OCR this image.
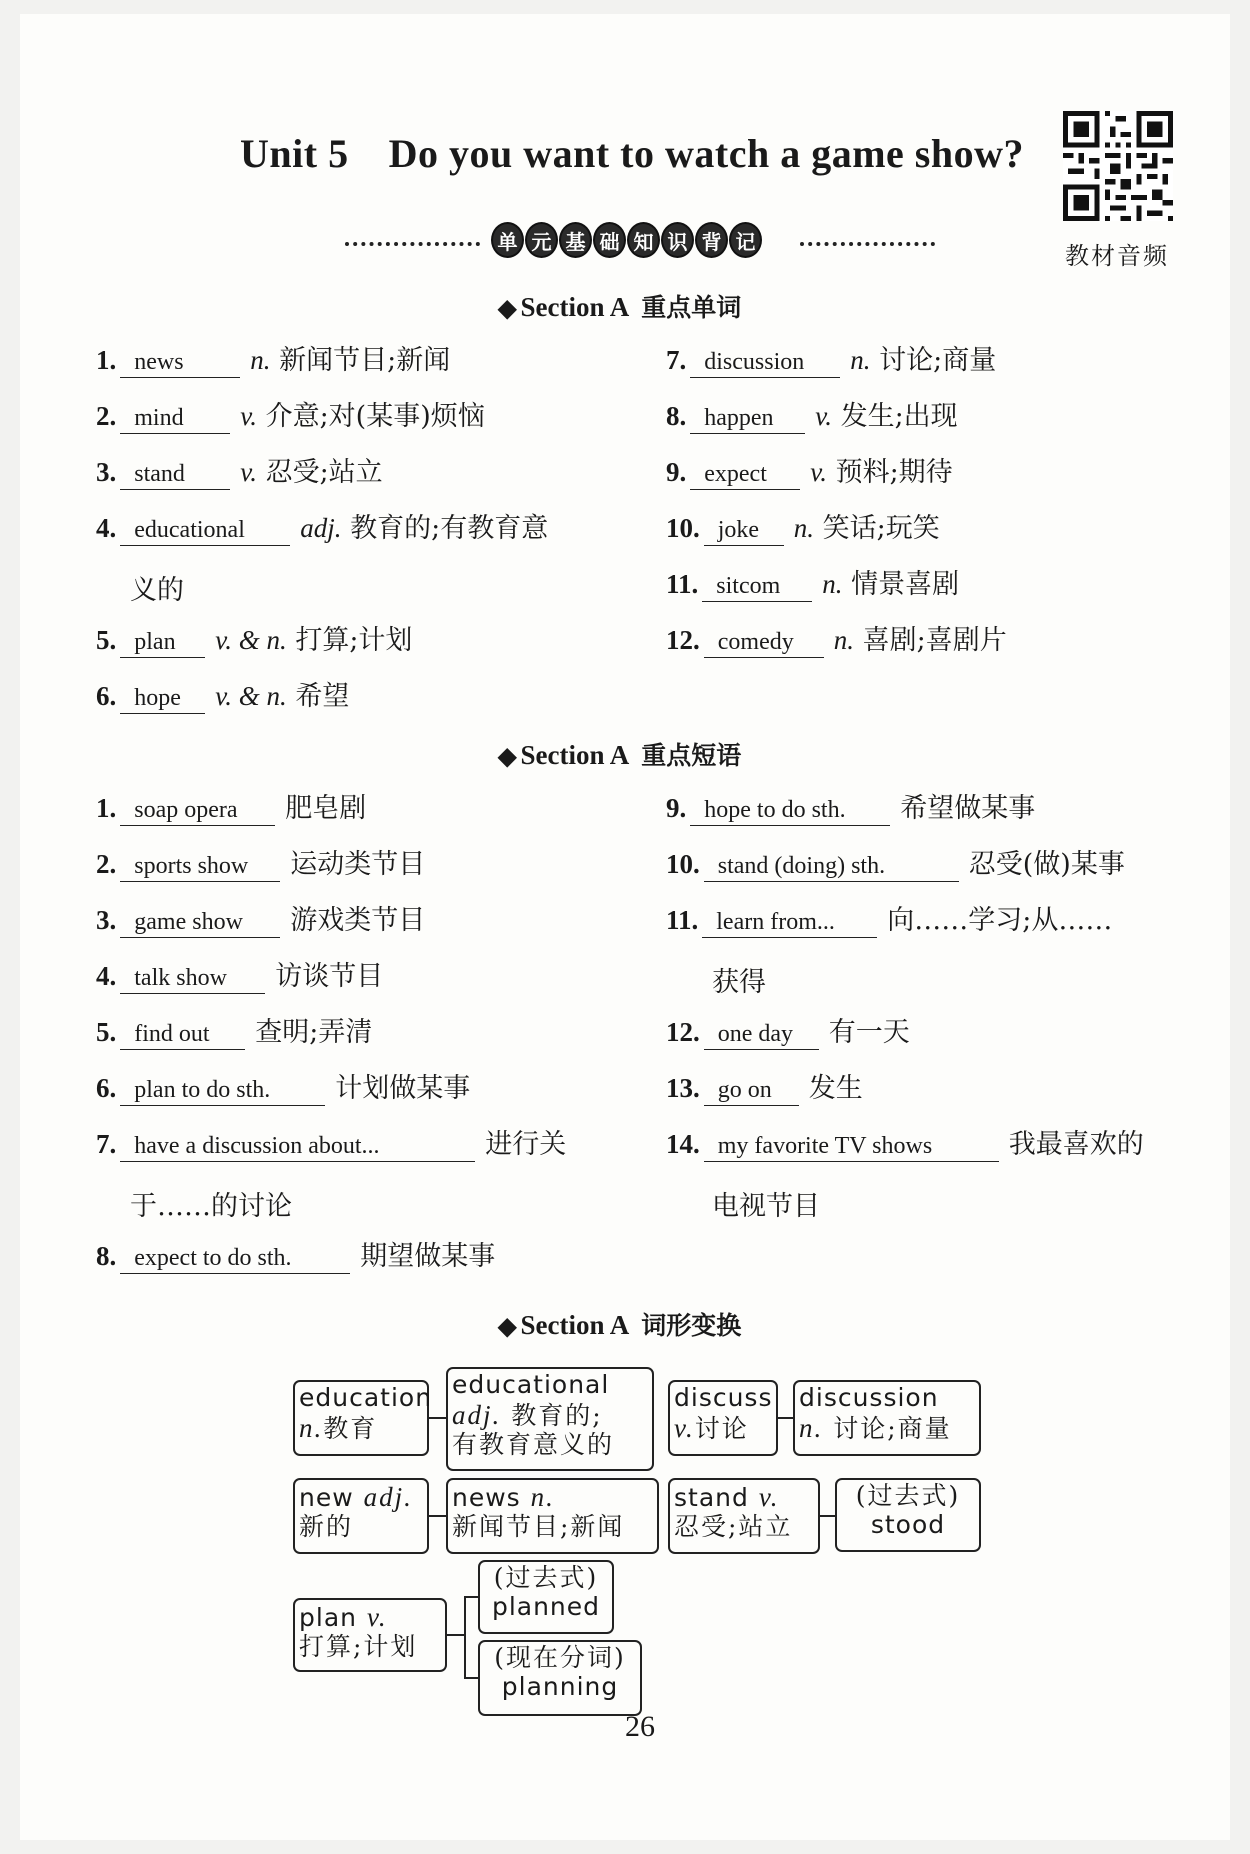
Unit 5 Do you want to watch a game show?
教材音频
单 元 基 础 知 识 背 记
◆ Section A 重点单词
1. news n. 新闻节目;新闻
2. mind v. 介意;对(某事)烦恼
3. stand v. 忍受;站立
4. educational adj. 教育的;有教育意
义的
5. plan v. & n. 打算;计划
6. hope v. & n. 希望
7. discussion n. 讨论;商量
8. happen v. 发生;出现
9. expect v. 预料;期待
10. joke n. 笑话;玩笑
11. sitcom n. 情景喜剧
12. comedy n. 喜剧;喜剧片
◆ Section A 重点短语
1. soap opera 肥皂剧
2. sports show 运动类节目
3. game show 游戏类节目
4. talk show 访谈节目
5. find out 查明;弄清
6. plan to do sth. 计划做某事
7. have a discussion about...	进行关
于……的讨论
8. expect to do sth.	期望做某事
9. hope to do sth. 希望做某事
10. stand (doing) sth.	忍受(做)某事
11. learn from... 向……学习;从……
获得
12. one day 有一天
13. go on 发生
14. my favorite TV shows	我最喜欢的
电视节目
◆ Section A 词形变换
education
n.教育
educational
adj. 教育的;
有教育意义的
discuss
v.讨论
discussion
n. 讨论;商量
new adj.
新的
news n.
新闻节目;新闻
stand v.
忍受;站立
(过去式)
stood
plan v.
打算;计划
(过去式)
planned
(现在分词)
planning
26
